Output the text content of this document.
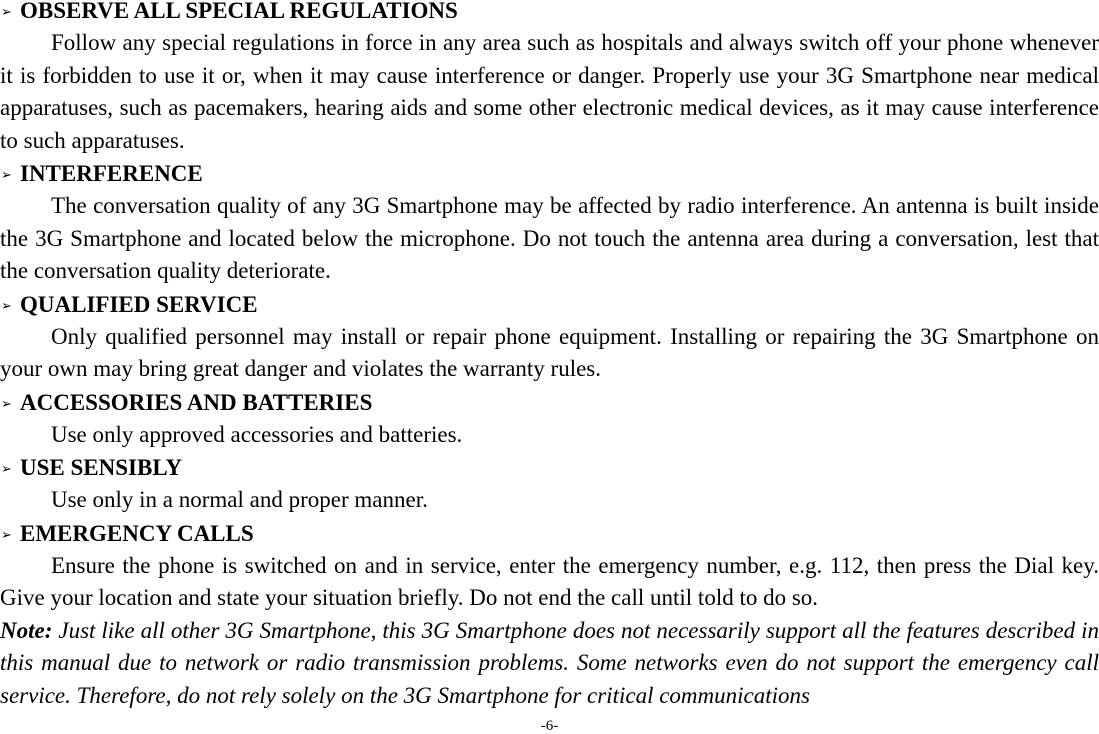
➢ OBSERVE ALL SPECIAL REGULATIONS

Follow any special regulations in force in any area such as hospitals and always switch off your phone whenever it is forbidden to use it or, when it may cause interference or danger. Properly use your 3G Smartphone near medical apparatuses, such as pacemakers, hearing aids and some other electronic medical devices, as it may cause interference to such apparatuses.

➢ INTERFERENCE

The conversation quality of any 3G Smartphone may be affected by radio interference. An antenna is built inside the 3G Smartphone and located below the microphone. Do not touch the antenna area during a conversation, lest that the conversation quality deteriorate.

➢ QUALIFIED SERVICE

Only qualified personnel may install or repair phone equipment. Installing or repairing the 3G Smartphone on your own may bring great danger and violates the warranty rules.

➢ ACCESSORIES AND BATTERIES

Use only approved accessories and batteries.

➢ USE SENSIBLY

Use only in a normal and proper manner.

➢ EMERGENCY CALLS

Ensure the phone is switched on and in service, enter the emergency number, e.g. 112, then press the Dial key. Give your location and state your situation briefly. Do not end the call until told to do so.

Note: Just like all other 3G Smartphone, this 3G Smartphone does not necessarily support all the features described in this manual due to network or radio transmission problems. Some networks even do not support the emergency call service. Therefore, do not rely solely on the 3G Smartphone for critical communications

-6-
